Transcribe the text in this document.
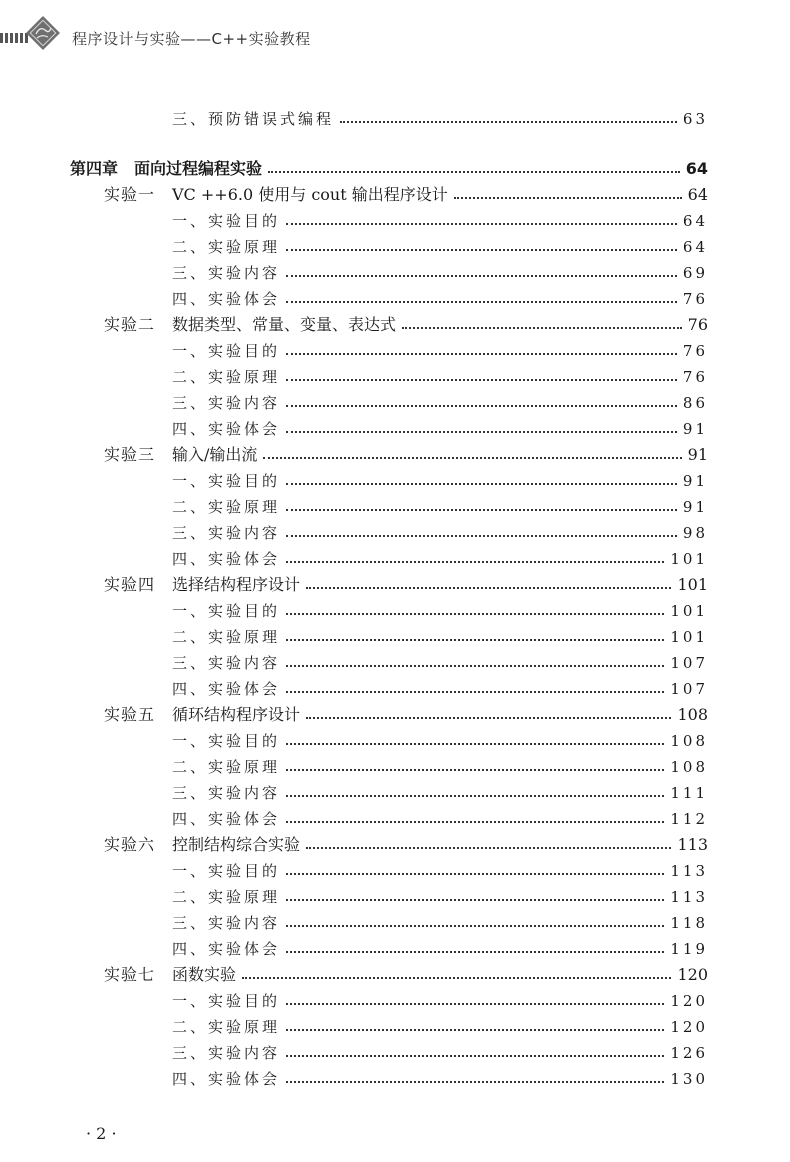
程序设计与实验——C++实验教程
三、预防错误式编程	63
第四章　面向过程编程实验	64
实验一 VC ++6.0 使用与 cout 输出程序设计	64
一、实验目的	64
二、实验原理	64
三、实验内容	69
四、实验体会	76
实验二 数据类型、常量、变量、表达式	76
一、实验目的	76
二、实验原理	76
三、实验内容	86
四、实验体会	91
实验三 输入/输出流	91
一、实验目的	91
二、实验原理	91
三、实验内容	98
四、实验体会	101
实验四 选择结构程序设计	101
一、实验目的	101
二、实验原理	101
三、实验内容	107
四、实验体会	107
实验五 循环结构程序设计	108
一、实验目的	108
二、实验原理	108
三、实验内容	111
四、实验体会	112
实验六 控制结构综合实验	113
一、实验目的	113
二、实验原理	113
三、实验内容	118
四、实验体会	119
实验七 函数实验	120
一、实验目的	120
二、实验原理	120
三、实验内容	126
四、实验体会	130
· 2 ·
